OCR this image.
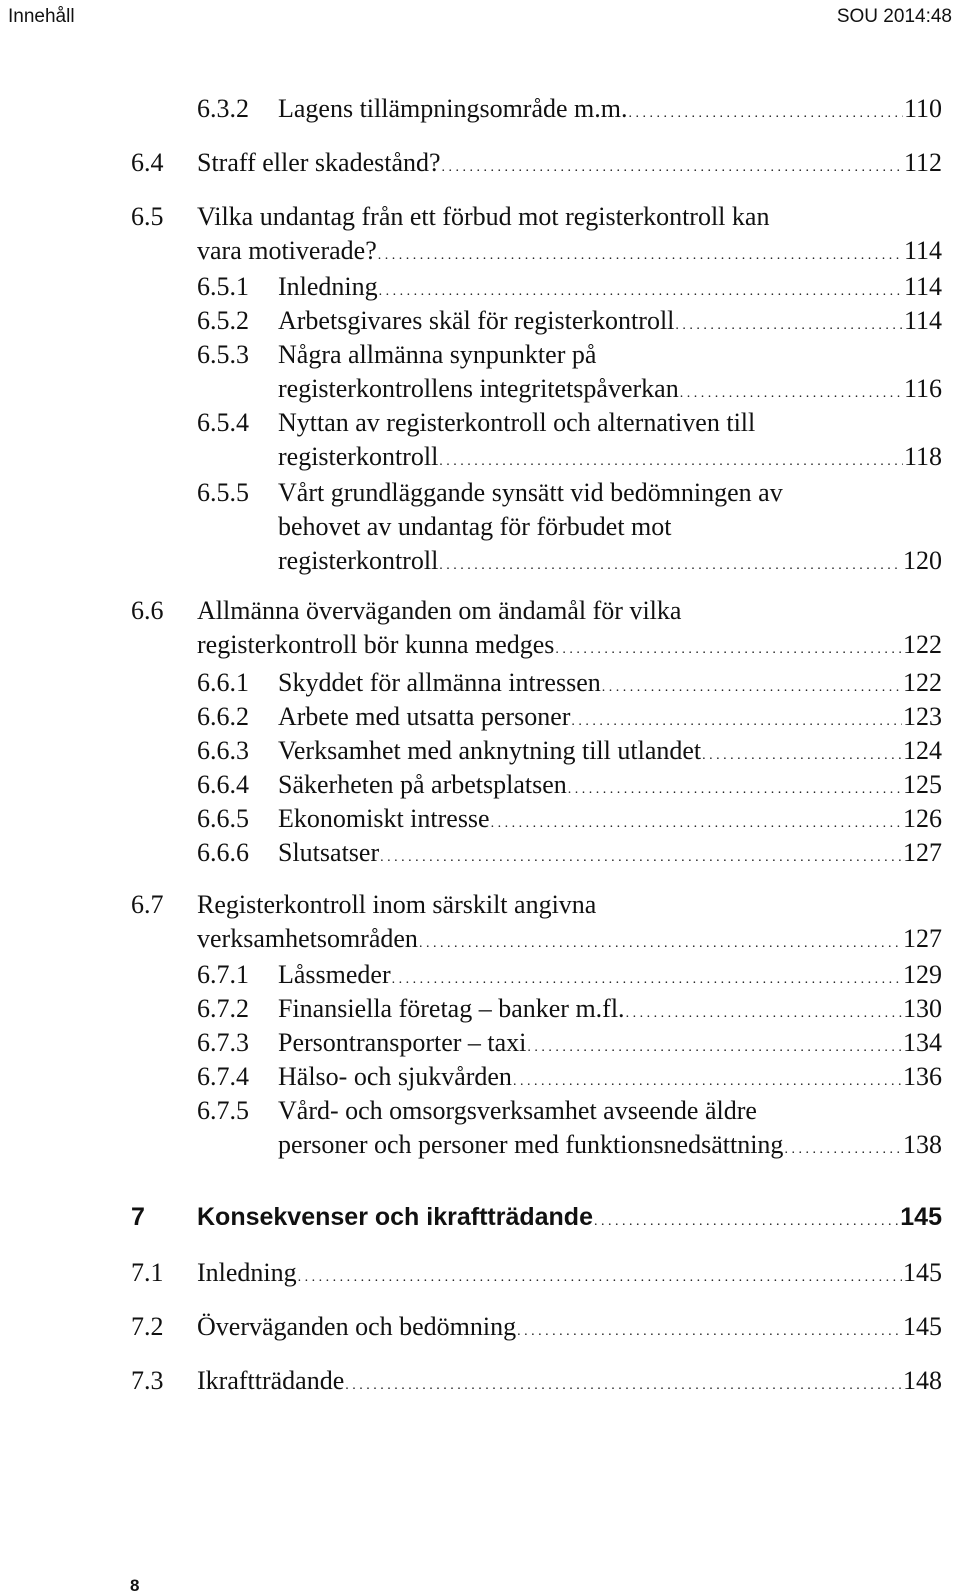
Innehåll	SOU 2014:48
6.3.2 Lagens tillämpningsområde m.m. . . .	110
6.4 Straff eller skadestånd? . . .	112
6.5 Vilka undantag från ett förbud mot registerkontroll kan
vara motiverade? . . .	114
6.5.1 Inledning . . .	114
6.5.2 Arbetsgivares skäl för registerkontroll . . .	114
6.5.3 Några allmänna synpunkter på
registerkontrollens integritetspåverkan . . .	116
6.5.4 Nyttan av registerkontroll och alternativen till
registerkontroll . . .	118
6.5.5 Vårt grundläggande synsätt vid bedömningen av
behovet av undantag för förbudet mot
registerkontroll . . .	120
6.6 Allmänna överväganden om ändamål för vilka
registerkontroll bör kunna medges . . .	122
6.6.1 Skyddet för allmänna intressen . . .	122
6.6.2 Arbete med utsatta personer . . .	123
6.6.3 Verksamhet med anknytning till utlandet . . .	124
6.6.4 Säkerheten på arbetsplatsen . . .	125
6.6.5 Ekonomiskt intresse . . .	126
6.6.6 Slutsatser . . .	127
6.7 Registerkontroll inom särskilt angivna
verksamhetsområden . . .	127
6.7.1 Låssmeder . . .	129
6.7.2 Finansiella företag – banker m.fl. . . .	130
6.7.3 Persontransporter – taxi . . .	134
6.7.4 Hälso- och sjukvården . . .	136
6.7.5 Vård- och omsorgsverksamhet avseende äldre
personer och personer med funktionsnedsättning . . .	138
7 Konsekvenser och ikraftträdande . . .	145
7.1 Inledning . . .	145
7.2 Överväganden och bedömning . . .	145
7.3 Ikraftträdande . . .	148
8
